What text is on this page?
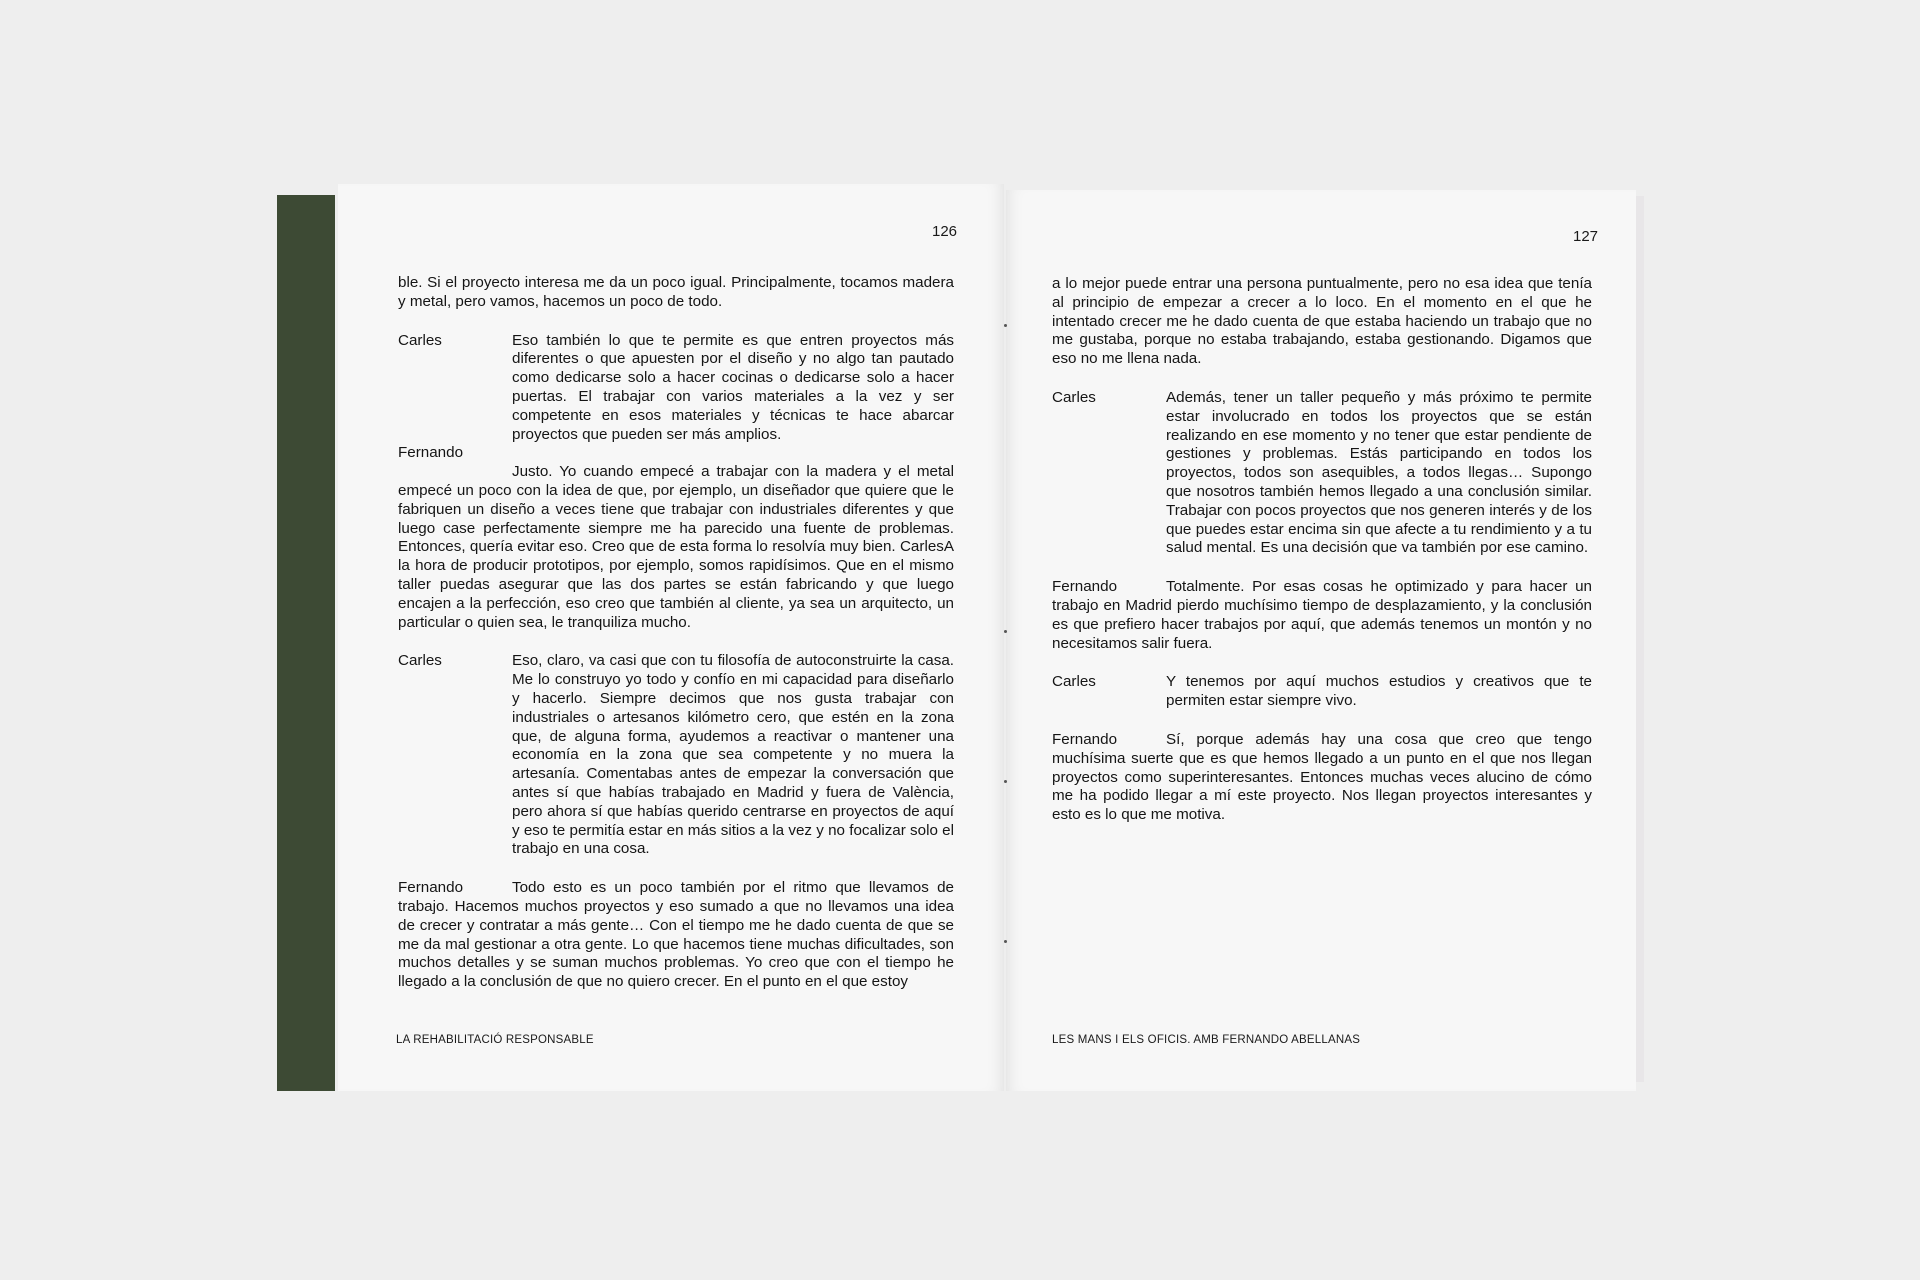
126
ble. Si el proyecto interesa me da un poco igual. Principalmente, tocamos madera y metal, pero vamos, hacemos un poco de todo.
Carles	Eso también lo que te permite es que entren proyectos más diferentes o que apuesten por el diseño y no algo tan pautado como dedicarse solo a hacer cocinas o dedicarse solo a hacer puertas. El trabajar con varios materiales a la vez y ser competente en esos materiales y técnicas te hace abarcar proyectos que pueden ser más amplios.
Fernando
Justo. Yo cuando empecé a trabajar con la madera y el metal empecé un poco con la idea de que, por ejemplo, un diseñador que quiere que le fabriquen un diseño a veces tiene que trabajar con industriales diferentes y que luego case perfectamente siempre me ha parecido una fuente de problemas. Entonces, quería evitar eso. Creo que de esta forma lo resolvía muy bien. CarlesA la hora de producir prototipos, por ejemplo, somos rapidísimos. Que en el mismo taller puedas asegurar que las dos partes se están fabricando y que luego encajen a la perfección, eso creo que también al cliente, ya sea un arquitecto, un particular o quien sea, le tranquiliza mucho.
Carles	Eso, claro, va casi que con tu filosofía de autoconstruirte la casa. Me lo construyo yo todo y confío en mi capacidad para diseñarlo y hacerlo. Siempre decimos que nos gusta trabajar con industriales o artesanos kilómetro cero, que estén en la zona que, de alguna forma, ayudemos a reactivar o mantener una economía en la zona que sea competente y no muera la artesanía. Comentabas antes de empezar la conversación que antes sí que habías trabajado en Madrid y fuera de València, pero ahora sí que habías querido centrarse en proyectos de aquí y eso te permitía estar en más sitios a la vez y no focalizar solo el trabajo en una cosa.
Fernando	Todo esto es un poco también por el ritmo que llevamos de trabajo. Hacemos muchos proyectos y eso sumado a que no llevamos una idea de crecer y contratar a más gente… Con el tiempo me he dado cuenta de que se me da mal gestionar a otra gente. Lo que hacemos tiene muchas dificultades, son muchos detalles y se suman muchos problemas. Yo creo que con el tiempo he llegado a la conclusión de que no quiero crecer. En el punto en el que estoy
LA REHABILITACIÓ RESPONSABLE
127
a lo mejor puede entrar una persona puntualmente, pero no esa idea que tenía al principio de empezar a crecer a lo loco. En el momento en el que he intentado crecer me he dado cuenta de que estaba haciendo un trabajo que no me gustaba, porque no estaba trabajando, estaba gestionando. Digamos que eso no me llena nada.
Carles	Además, tener un taller pequeño y más próximo te permite estar involucrado en todos los proyectos que se están realizando en ese momento y no tener que estar pendiente de gestiones y problemas. Estás participando en todos los proyectos, todos son asequibles, a todos llegas… Supongo que nosotros también hemos llegado a una conclusión similar. Trabajar con pocos proyectos que nos generen interés y de los que puedes estar encima sin que afecte a tu rendimiento y a tu salud mental. Es una decisión que va también por ese camino.
Fernando	Totalmente. Por esas cosas he optimizado y para hacer un trabajo en Madrid pierdo muchísimo tiempo de desplazamiento, y la conclusión es que prefiero hacer trabajos por aquí, que además tenemos un montón y no necesitamos salir fuera.
Carles	Y tenemos por aquí muchos estudios y creativos que te permiten estar siempre vivo.
Fernando	Sí, porque además hay una cosa que creo que tengo muchísima suerte que es que hemos llegado a un punto en el que nos llegan proyectos como superinteresantes. Entonces muchas veces alucino de cómo me ha podido llegar a mí este proyecto. Nos llegan proyectos interesantes y esto es lo que me motiva.
LES MANS I ELS OFICIS. AMB FERNANDO ABELLANAS
